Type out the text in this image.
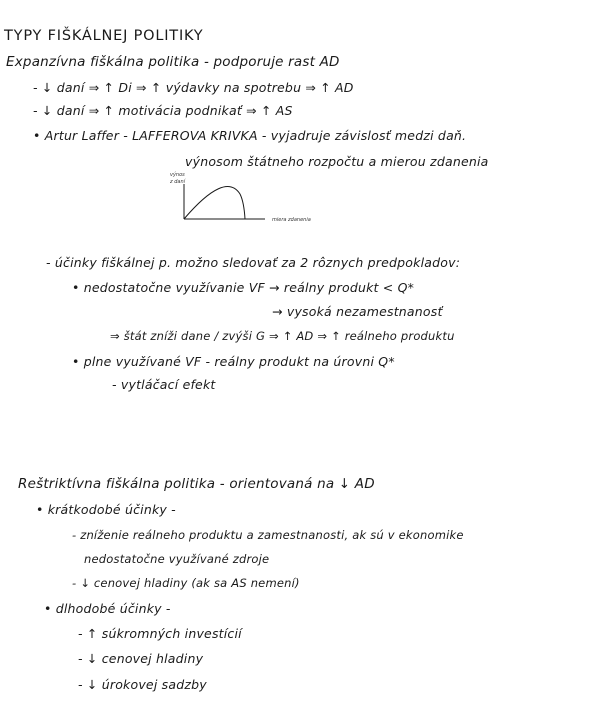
TYPY FIŠKÁLNEJ POLITIKY
Expanzívna fiškálna politika - podporuje rast AD
- ↓ daní ⇒ ↑ Di ⇒ ↑ výdavky na spotrebu ⇒ ↑ AD
- ↓ daní ⇒ ↑ motivácia podnikať ⇒ ↑ AS
• Artur Laffer - LAFFEROVA KRIVKA - vyjadruje závislosť medzi daň.
výnosom štátneho rozpočtu a mierou zdanenia
výnos
z daní
miera zdanenia
- účinky fiškálnej p. možno sledovať za 2 rôznych predpokladov:
• nedostatočne využívanie VF → reálny produkt < Q*
→ vysoká nezamestnanosť
⇒ štát zníži dane / zvýši G ⇒ ↑ AD ⇒ ↑ reálneho produktu
• plne využívané VF - reálny produkt na úrovni Q*
- vytláčací efekt
Reštriktívna fiškálna politika - orientovaná na ↓ AD
• krátkodobé účinky -
- zníženie reálneho produktu a zamestnanosti, ak sú v ekonomike
nedostatočne využívané zdroje
- ↓ cenovej hladiny (ak sa AS nemení)
• dlhodobé účinky -
- ↑ súkromných investícií
- ↓ cenovej hladiny
- ↓ úrokovej sadzby
